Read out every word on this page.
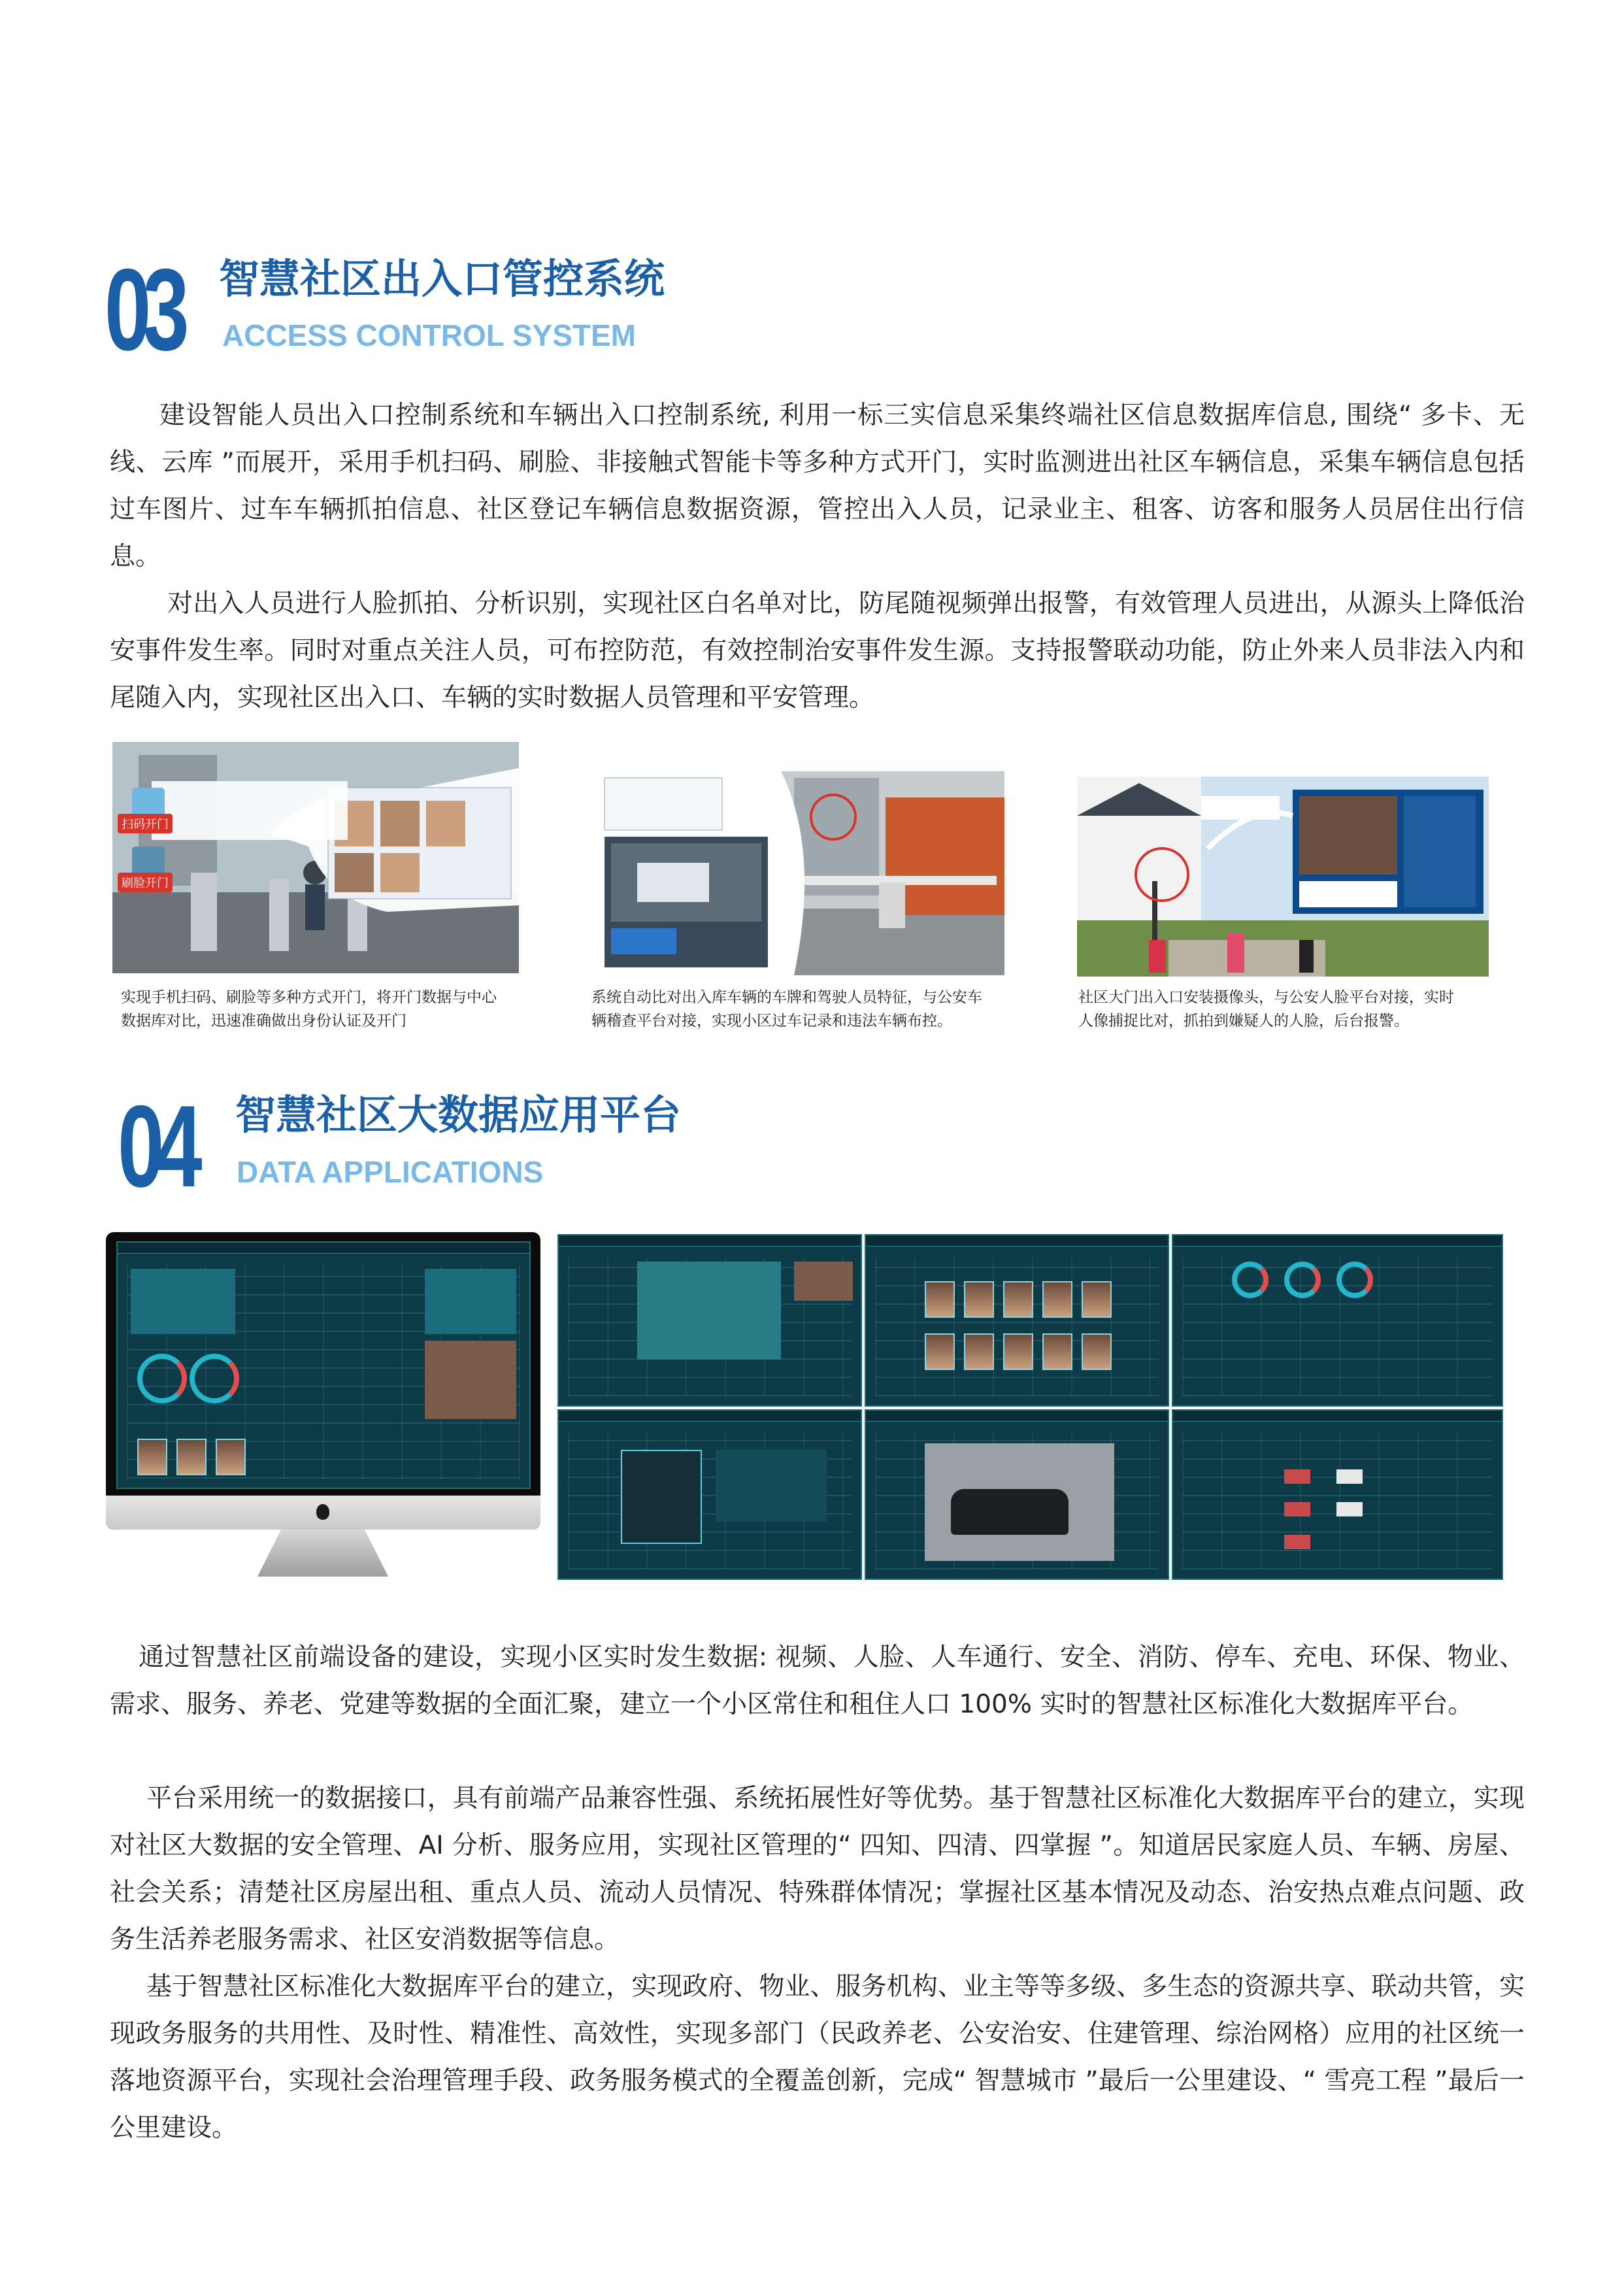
03 智慧社区出入口管控系统
ACCESS CONTROL SYSTEM

建设智能人员出入口控制系统和车辆出入口控制系统, 利用一标三实信息采集终端社区信息数据库信息, 围绕“ 多卡、无线、云库 ”而展开，采用手机扫码、刷脸、非接触式智能卡等多种方式开门，实时监测进出社区车辆信息，采集车辆信息包括过车图片、过车车辆抓拍信息、社区登记车辆信息数据资源，管控出入人员，记录业主、租客、访客和服务人员居住出行信息。

对出入人员进行人脸抓拍、分析识别，实现社区白名单对比，防尾随视频弹出报警，有效管理人员进出，从源头上降低治安事件发生率。同时对重点关注人员，可布控防范，有效控制治安事件发生源。支持报警联动功能，防止外来人员非法入内和尾随入内，实现社区出入口、车辆的实时数据人员管理和平安管理。

扫码开门
刷脸开门

实现手机扫码、刷脸等多种方式开门，将开门数据与中心
数据库对比，迅速准确做出身份认证及开门

系统自动比对出入库车辆的车牌和驾驶人员特征，与公安车
辆稽查平台对接，实现小区过车记录和违法车辆布控。

社区大门出入口安装摄像头，与公安人脸平台对接，实时
人像捕捉比对，抓拍到嫌疑人的人脸，后台报警。

04 智慧社区大数据应用平台
DATA APPLICATIONS

通过智慧社区前端设备的建设，实现小区实时发生数据: 视频、人脸、人车通行、安全、消防、停车、充电、环保、物业、需求、服务、养老、党建等数据的全面汇聚，建立一个小区常住和租住人口 100% 实时的智慧社区标准化大数据库平台。

平台采用统一的数据接口，具有前端产品兼容性强、系统拓展性好等优势。基于智慧社区标准化大数据库平台的建立，实现对社区大数据的安全管理、AI 分析、服务应用，实现社区管理的“ 四知、四清、四掌握 ”。知道居民家庭人员、车辆、房屋、社会关系；清楚社区房屋出租、重点人员、流动人员情况、特殊群体情况；掌握社区基本情况及动态、治安热点难点问题、政务生活养老服务需求、社区安消数据等信息。

基于智慧社区标准化大数据库平台的建立，实现政府、物业、服务机构、业主等等多级、多生态的资源共享、联动共管，实现政务服务的共用性、及时性、精准性、高效性，实现多部门（民政养老、公安治安、住建管理、综治网格）应用的社区统一落地资源平台，实现社会治理管理手段、政务服务模式的全覆盖创新，完成“ 智慧城市 ”最后一公里建设、“ 雪亮工程 ”最后一公里建设。
